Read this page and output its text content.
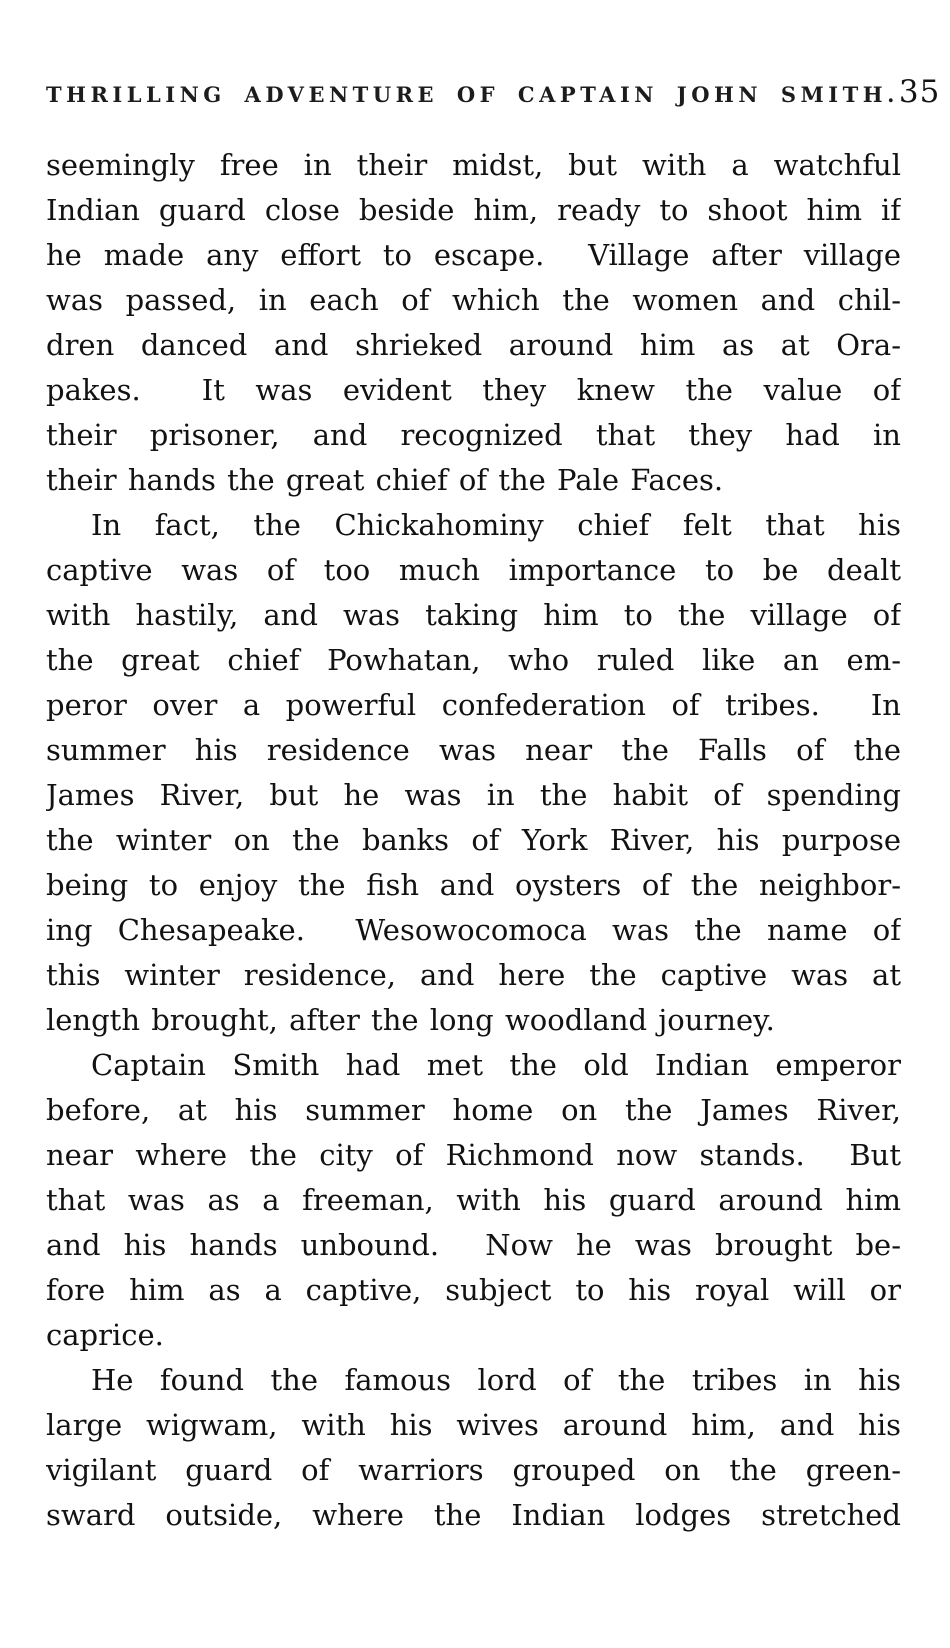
THRILLING ADVENTURE OF CAPTAIN JOHN SMITH. 35
seemingly free in their midst, but with a watchful
Indian guard close beside him, ready to shoot him if
he made any effort to escape.  Village after village
was passed, in each of which the women and chil-
dren danced and shrieked around him as at Ora-
pakes.  It was evident they knew the value of
their prisoner, and recognized that they had in
their hands the great chief of the Pale Faces.
In fact, the Chickahominy chief felt that his
captive was of too much importance to be dealt
with hastily, and was taking him to the village of
the great chief Powhatan, who ruled like an em-
peror over a powerful confederation of tribes.  In
summer his residence was near the Falls of the
James River, but he was in the habit of spending
the winter on the banks of York River, his purpose
being to enjoy the fish and oysters of the neighbor-
ing Chesapeake.  Wesowocomoca was the name of
this winter residence, and here the captive was at
length brought, after the long woodland journey.
Captain Smith had met the old Indian emperor
before, at his summer home on the James River,
near where the city of Richmond now stands.  But
that was as a freeman, with his guard around him
and his hands unbound.  Now he was brought be-
fore him as a captive, subject to his royal will or
caprice.
He found the famous lord of the tribes in his
large wigwam, with his wives around him, and his
vigilant guard of warriors grouped on the green-
sward outside, where the Indian lodges stretched
